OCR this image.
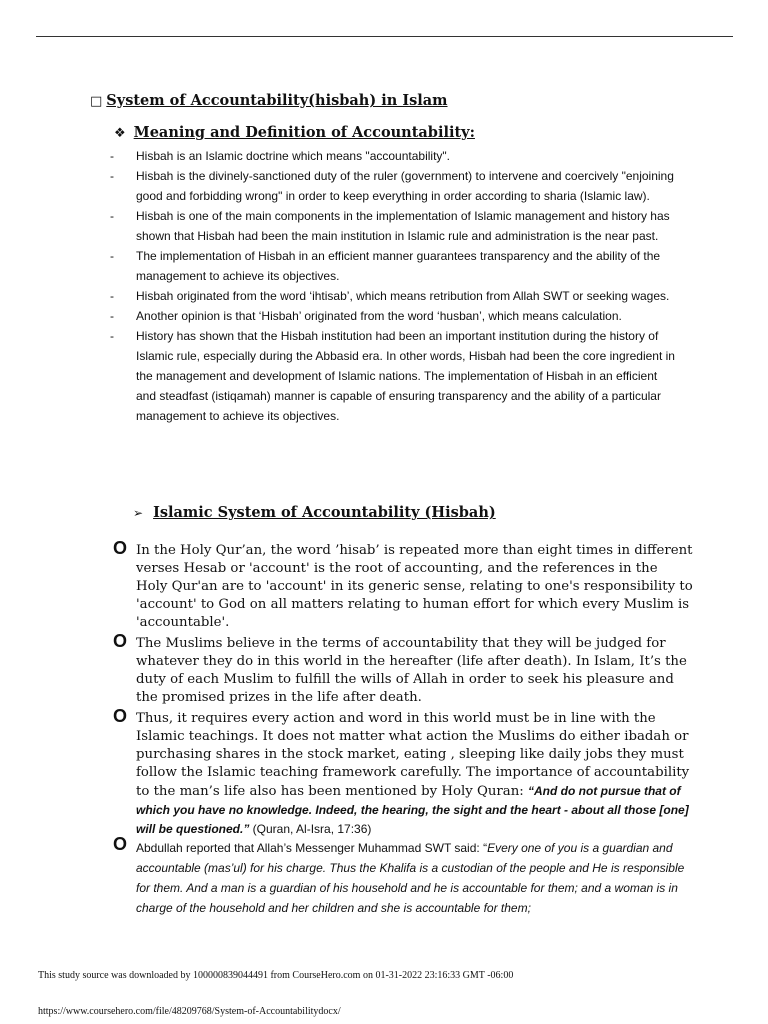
□ System of Accountability(hisbah) in Islam
❖ Meaning and Definition of Accountability:
- Hisbah is an Islamic doctrine which means "accountability".
- Hisbah is the divinely-sanctioned duty of the ruler (government) to intervene and coercively "enjoining good and forbidding wrong" in order to keep everything in order according to sharia (Islamic law).
- Hisbah is one of the main components in the implementation of Islamic management and history has shown that Hisbah had been the main institution in Islamic rule and administration is the near past.
- The implementation of Hisbah in an efficient manner guarantees transparency and the ability of the management to achieve its objectives.
- Hisbah originated from the word ‘ihtisab’, which means retribution from Allah SWT or seeking wages.
- Another opinion is that ‘Hisbah’ originated from the word ‘husban’, which means calculation.
- History has shown that the Hisbah institution had been an important institution during the history of Islamic rule, especially during the Abbasid era. In other words, Hisbah had been the core ingredient in the management and development of Islamic nations. The implementation of Hisbah in an efficient and steadfast (istiqamah) manner is capable of ensuring transparency and the ability of a particular management to achieve its objectives.
➢ Islamic System of Accountability (Hisbah)
O In the Holy Qur’an, the word ’hisab’ is repeated more than eight times in different verses Hesab or 'account' is the root of accounting, and the references in the Holy Qur'an are to 'account' in its generic sense, relating to one's responsibility to 'account' to God on all matters relating to human effort for which every Muslim is 'accountable'.
O The Muslims believe in the terms of accountability that they will be judged for whatever they do in this world in the hereafter (life after death). In Islam, It’s the duty of each Muslim to fulfill the wills of Allah in order to seek his pleasure and the promised prizes in the life after death.
O Thus, it requires every action and word in this world must be in line with the Islamic teachings. It does not matter what action the Muslims do either ibadah or purchasing shares in the stock market, eating , sleeping like daily jobs they must follow the Islamic teaching framework carefully. The importance of accountability to the man’s life also has been mentioned by Holy Quran: “And do not pursue that of which you have no knowledge. Indeed, the hearing, the sight and the heart - about all those [one] will be questioned.” (Quran, Al-Isra, 17:36)
O Abdullah reported that Allah’s Messenger Muhammad SWT said: “Every one of you is a guardian and accountable (mas’ul) for his charge. Thus the Khalifa is a custodian of the people and He is responsible for them. And a man is a guardian of his household and he is accountable for them; and a woman is in charge of the household and her children and she is accountable for them;
This study source was downloaded by 100000839044491 from CourseHero.com on 01-31-2022 23:16:33 GMT -06:00
https://www.coursehero.com/file/48209768/System-of-Accountabilitydocx/
